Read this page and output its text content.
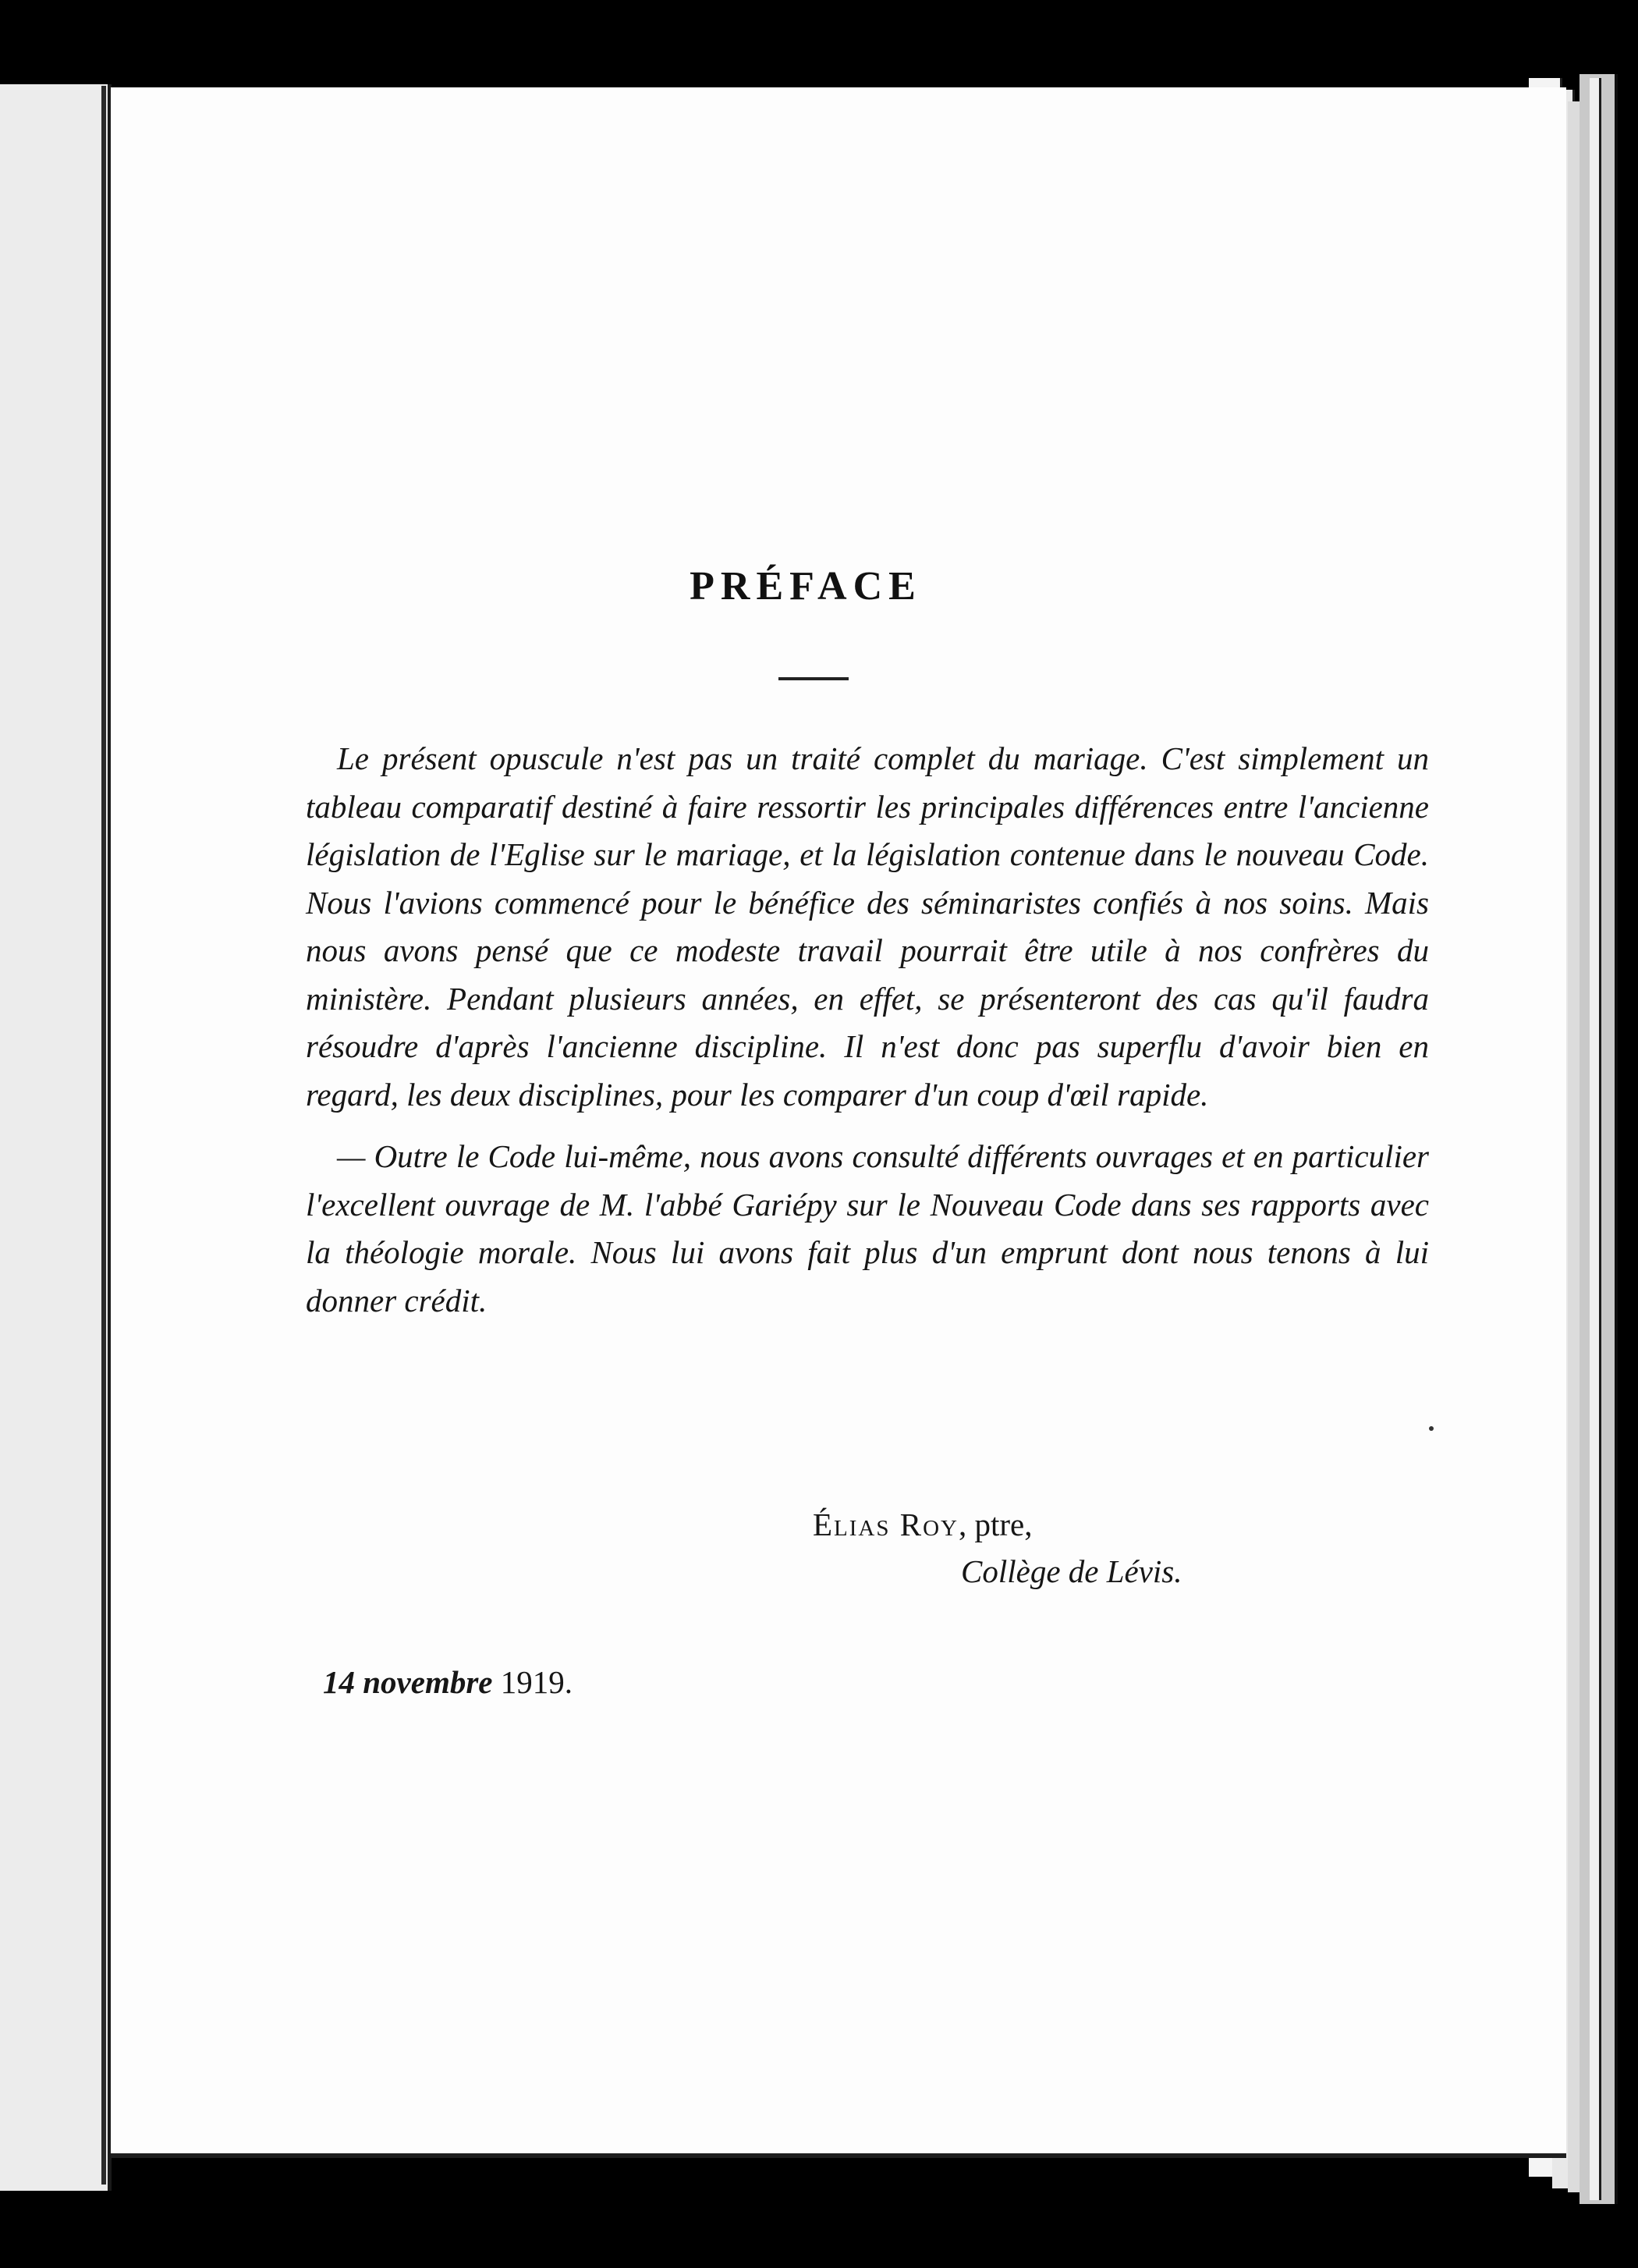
PRÉFACE

Le présent opuscule n'est pas un traité complet du mariage. C'est simplement un tableau comparatif destiné à faire ressortir les principales différences entre l'ancienne législation de l'Eglise sur le mariage, et la législation contenue dans le nouveau Code. Nous l'avions commencé pour le bénéfice des séminaristes confiés à nos soins. Mais nous avons pensé que ce modeste travail pourrait être utile à nos confrères du ministère. Pendant plusieurs années, en effet, se présenteront des cas qu'il faudra résoudre d'après l'ancienne discipline. Il n'est donc pas superflu d'avoir bien en regard, les deux disciplines, pour les comparer d'un coup d'œil rapide.

— Outre le Code lui-même, nous avons consulté différents ouvrages et en particulier l'excellent ouvrage de M. l'abbé Gariépy sur le Nouveau Code dans ses rapports avec la théologie morale. Nous lui avons fait plus d'un emprunt dont nous tenons à lui donner crédit.

Élias Roy, ptre,

Collège de Lévis.

14 novembre 1919.
